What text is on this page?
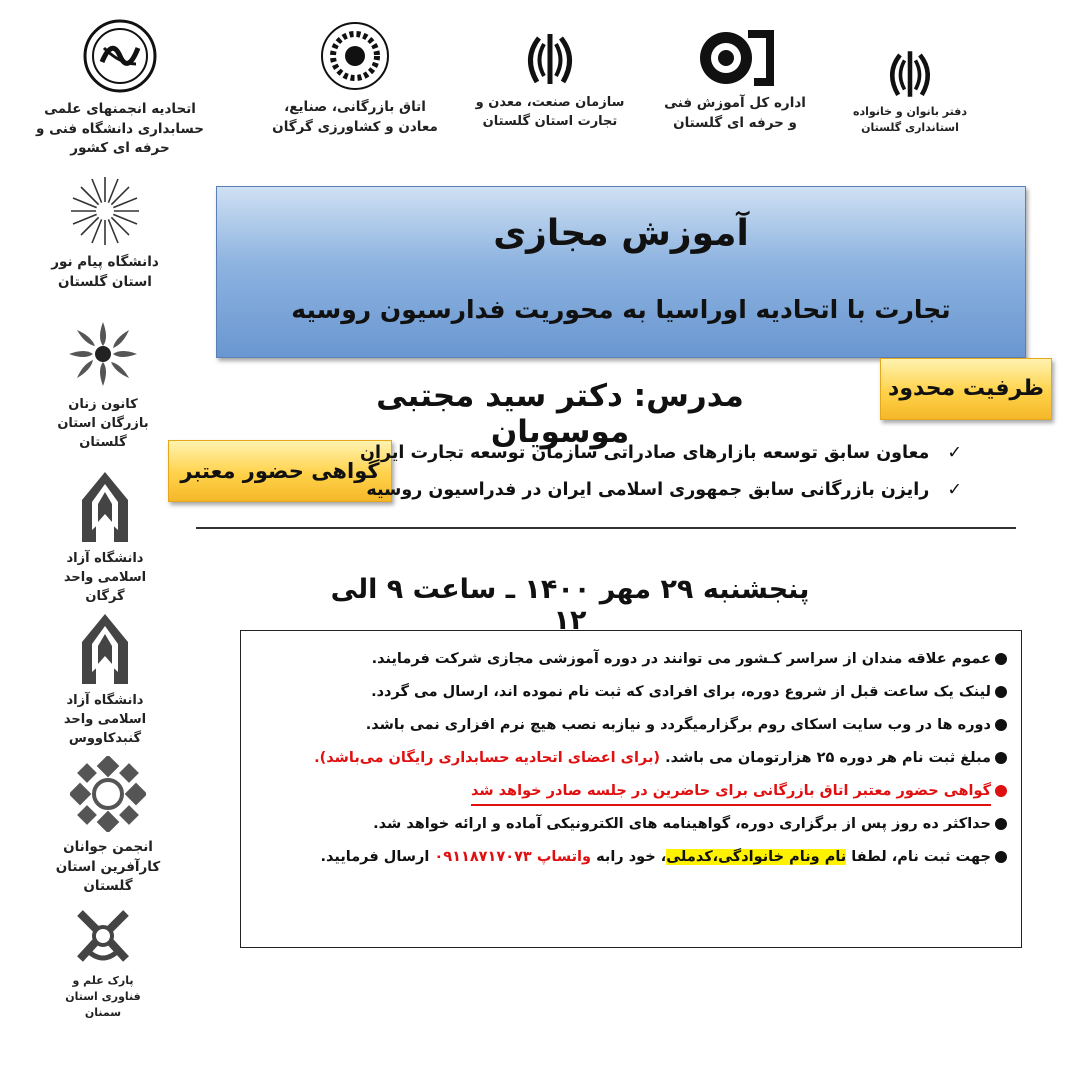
اتحادیه انجمنهای علمی حسابداری دانشگاه فنی و حرفه ای کشور
اتاق بازرگانی، صنایع، معادن و کشاورزی گرگان
سازمان صنعت، معدن و تجارت استان گلستان
اداره کل آموزش فنی و حرفه ای گلستان
دفتر بانوان و خانواده استانداری گلستان
دانشگاه پیام نور استان گلستان
کانون زنان بازرگان استان گلستان
دانشگاه آزاد اسلامی واحد گرگان
دانشگاه آزاد اسلامی واحد گنبدکاووس
انجمن جوانان کارآفرین استان گلستان
پارک علم و فناوری استان سمنان
آموزش مجازی
تجارت با اتحادیه اوراسیا به محوریت فدارسیون روسیه
ظرفیت محدود
گواهی حضور معتبر
مدرس: دکتر سید مجتبی موسویان
✓معاون سابق توسعه بازارهای صادراتی سازمان توسعه تجارت ایران
✓رایزن بازرگانی سابق جمهوری اسلامی ایران در فدراسیون روسیه
پنجشنبه ۲۹ مهر ۱۴۰۰ ـ ساعت ۹ الی ۱۲
عموم علاقه مندان از سراسر کـشور می توانند در دوره آموزشی مجازی شرکت فرمایند.
لینک یک ساعت قبل از شروع دوره، برای افرادی که ثبت نام نموده اند، ارسال می گردد.
دوره ها در وب سایت اسکای روم برگزارمیگردد و نیازبه نصب هیچ نرم افزاری نمی باشد.
مبلغ ثبت نام هر دوره ۲۵ هزارتومان می باشد. (برای اعضای اتحادیه حسابداری رایگان می‌باشد).
گواهی حضور معتبر اتاق بازرگانی برای حاضرین در جلسه صادر خواهد شد
حداکثر ده روز پس از برگزاری دوره، گواهینامه های الکترونیکی آماده و ارائه خواهد شد.
جهت ثبت نام، لطفا نام ونام خانوادگی،کدملی، خود رابه واتساپ ۰۹۱۱۸۷۱۷۰۷۳ ارسال فرمایید.
